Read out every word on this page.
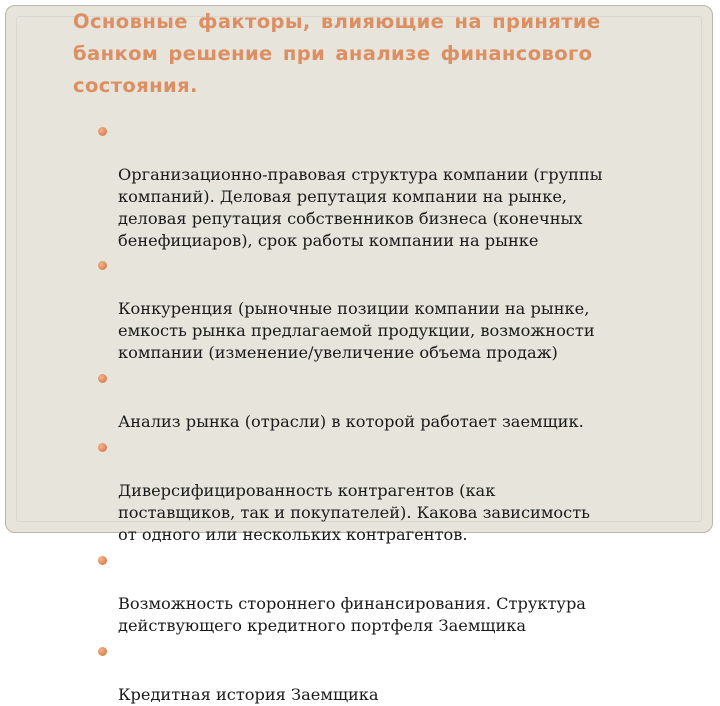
Основные факторы, влияющие на принятие
банком решение при анализе финансового
состояния.

Организационно-правовая структура компании (группы
компаний). Деловая репутация компании на рынке,
деловая репутация собственников бизнеса (конечных
бенефициаров), срок работы компании на рынке

Конкуренция (рыночные позиции компании на рынке,
емкость рынка предлагаемой продукции, возможности
компании (изменение/увеличение объема продаж)

Анализ рынка (отрасли) в которой работает заемщик.

Диверсифицированность контрагентов (как
поставщиков, так и покупателей). Какова зависимость
от одного или нескольких контрагентов.

Возможность стороннего финансирования. Структура
действующего кредитного портфеля Заемщика

Кредитная история Заемщика
